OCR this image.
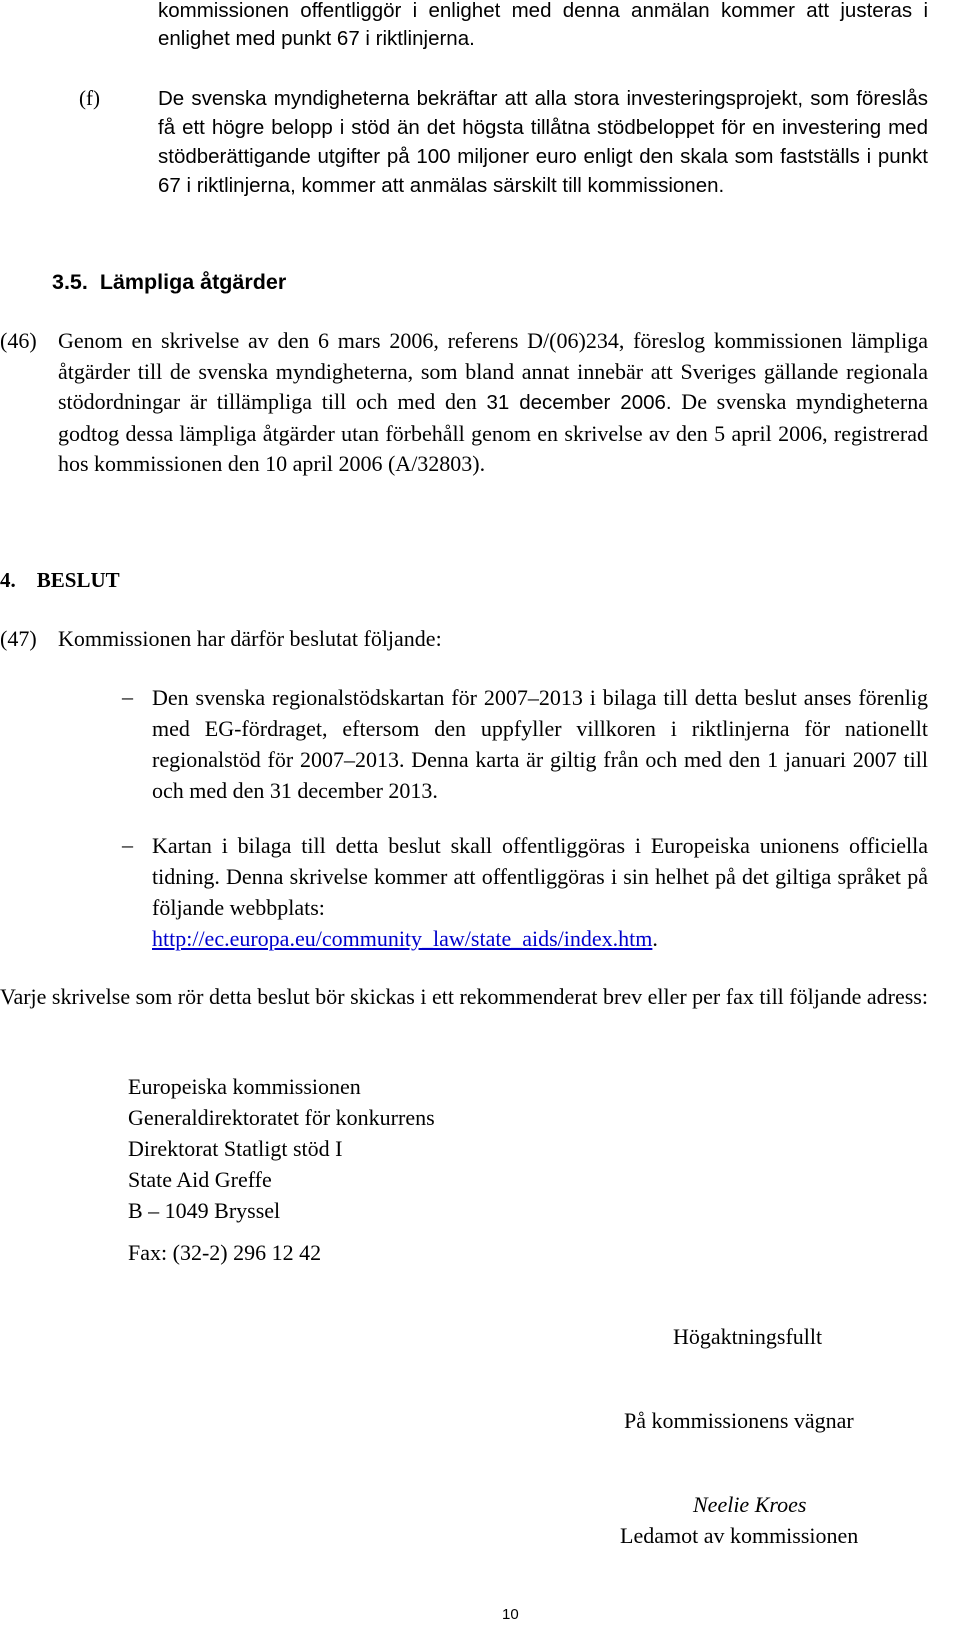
kommissionen offentliggör i enlighet med denna anmälan kommer att justeras i enlighet med punkt 67 i riktlinjerna.
(f)	De svenska myndigheterna bekräftar att alla stora investeringsprojekt, som föreslås få ett högre belopp i stöd än det högsta tillåtna stödbeloppet för en investering med stödberättigande utgifter på 100 miljoner euro enligt den skala som fastställs i punkt 67 i riktlinjerna, kommer att anmälas särskilt till kommissionen.
3.5. Lämpliga åtgärder
(46) Genom en skrivelse av den 6 mars 2006, referens D/(06)234, föreslog kommissionen lämpliga åtgärder till de svenska myndigheterna, som bland annat innebär att Sveriges gällande regionala stödordningar är tillämpliga till och med den 31 december 2006. De svenska myndigheterna godtog dessa lämpliga åtgärder utan förbehåll genom en skrivelse av den 5 april 2006, registrerad hos kommissionen den 10 april 2006 (A/32803).
4. BESLUT
(47) Kommissionen har därför beslutat följande:
– Den svenska regionalstödskartan för 2007–2013 i bilaga till detta beslut anses förenlig med EG-fördraget, eftersom den uppfyller villkoren i riktlinjerna för nationellt regionalstöd för 2007–2013. Denna karta är giltig från och med den 1 januari 2007 till och med den 31 december 2013.
– Kartan i bilaga till detta beslut skall offentliggöras i Europeiska unionens officiella tidning. Denna skrivelse kommer att offentliggöras i sin helhet på det giltiga språket på följande webbplats:
http://ec.europa.eu/community_law/state_aids/index.htm.
Varje skrivelse som rör detta beslut bör skickas i ett rekommenderat brev eller per fax till följande adress:
Europeiska kommissionen
Generaldirektoratet för konkurrens
Direktorat Statligt stöd I
State Aid Greffe
B – 1049 Bryssel
Fax: (32-2) 296 12 42
Högaktningsfullt
På kommissionens vägnar
Neelie Kroes
Ledamot av kommissionen
10
